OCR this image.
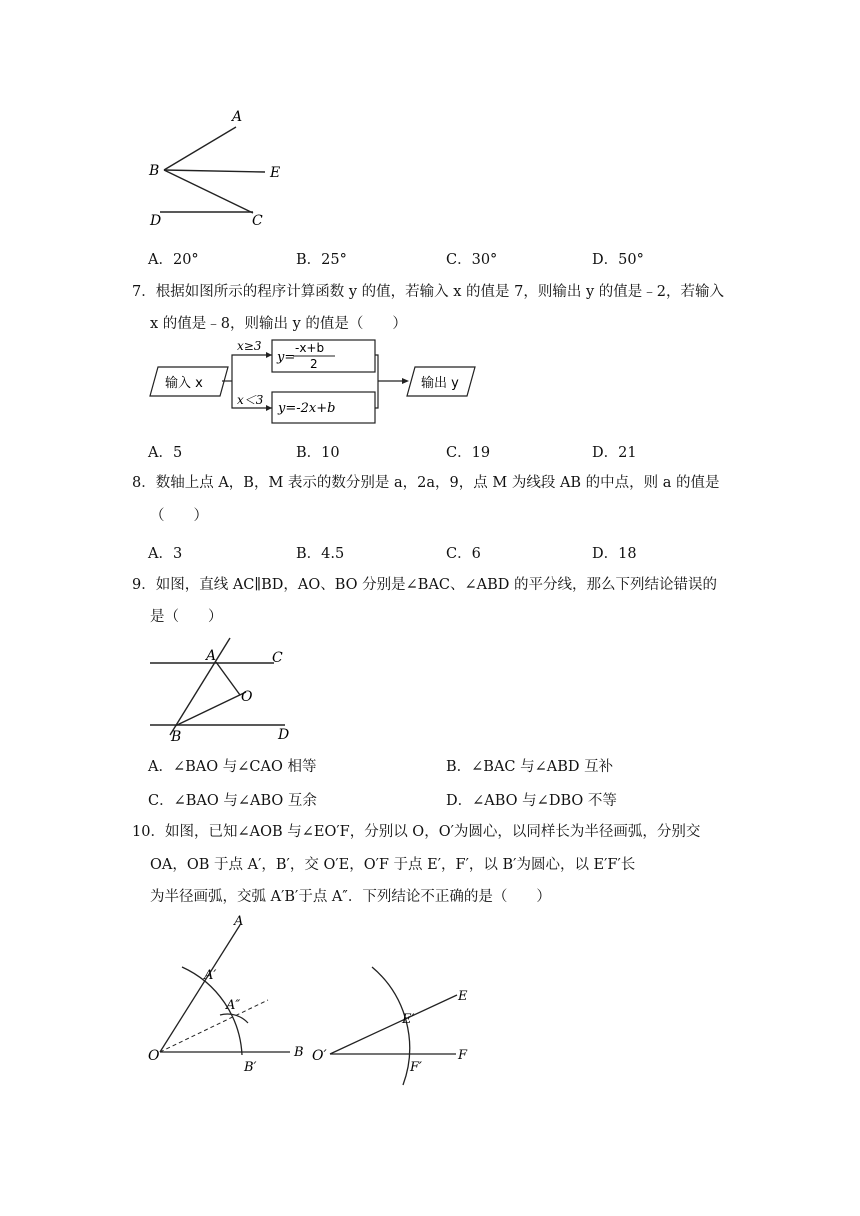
A
B	E
D	C
A．20°	B．25°	C．30°	D．50°
7．根据如图所示的程序计算函数 y 的值，若输入 x 的值是 7，则输出 y 的值是﹣2，若输入
x 的值是﹣8，则输出 y 的值是（　　）
输入 x
x≥3
x＜3
y=
-x+b
2
y=-2x+b
输出 y
A．5	B．10	C．19	D．21
8．数轴上点 A，B，M 表示的数分别是 a，2a，9，点 M 为线段 AB 的中点，则 a 的值是
（　　）
A．3	B．4.5	C．6	D．18
9．如图，直线 AC∥BD，AO、BO 分别是∠BAC、∠ABD 的平分线，那么下列结论错误的
是（　　）
A	C
O
B	D
A．∠BAO 与∠CAO 相等	B．∠BAC 与∠ABD 互补
C．∠BAO 与∠ABO 互余	D．∠ABO 与∠DBO 不等
10．如图，已知∠AOB 与∠EO′F，分别以 O，O′为圆心，以同样长为半径画弧，分别交
OA，OB 于点 A′，B′，交 O′E，O′F 于点 E′，F′，以 B′为圆心，以 E′F′长
为半径画弧，交弧 A′B′于点 A″．下列结论不正确的是（　　）
A
A′
A″
O
B′
B
E
E′
O′
F′
F
